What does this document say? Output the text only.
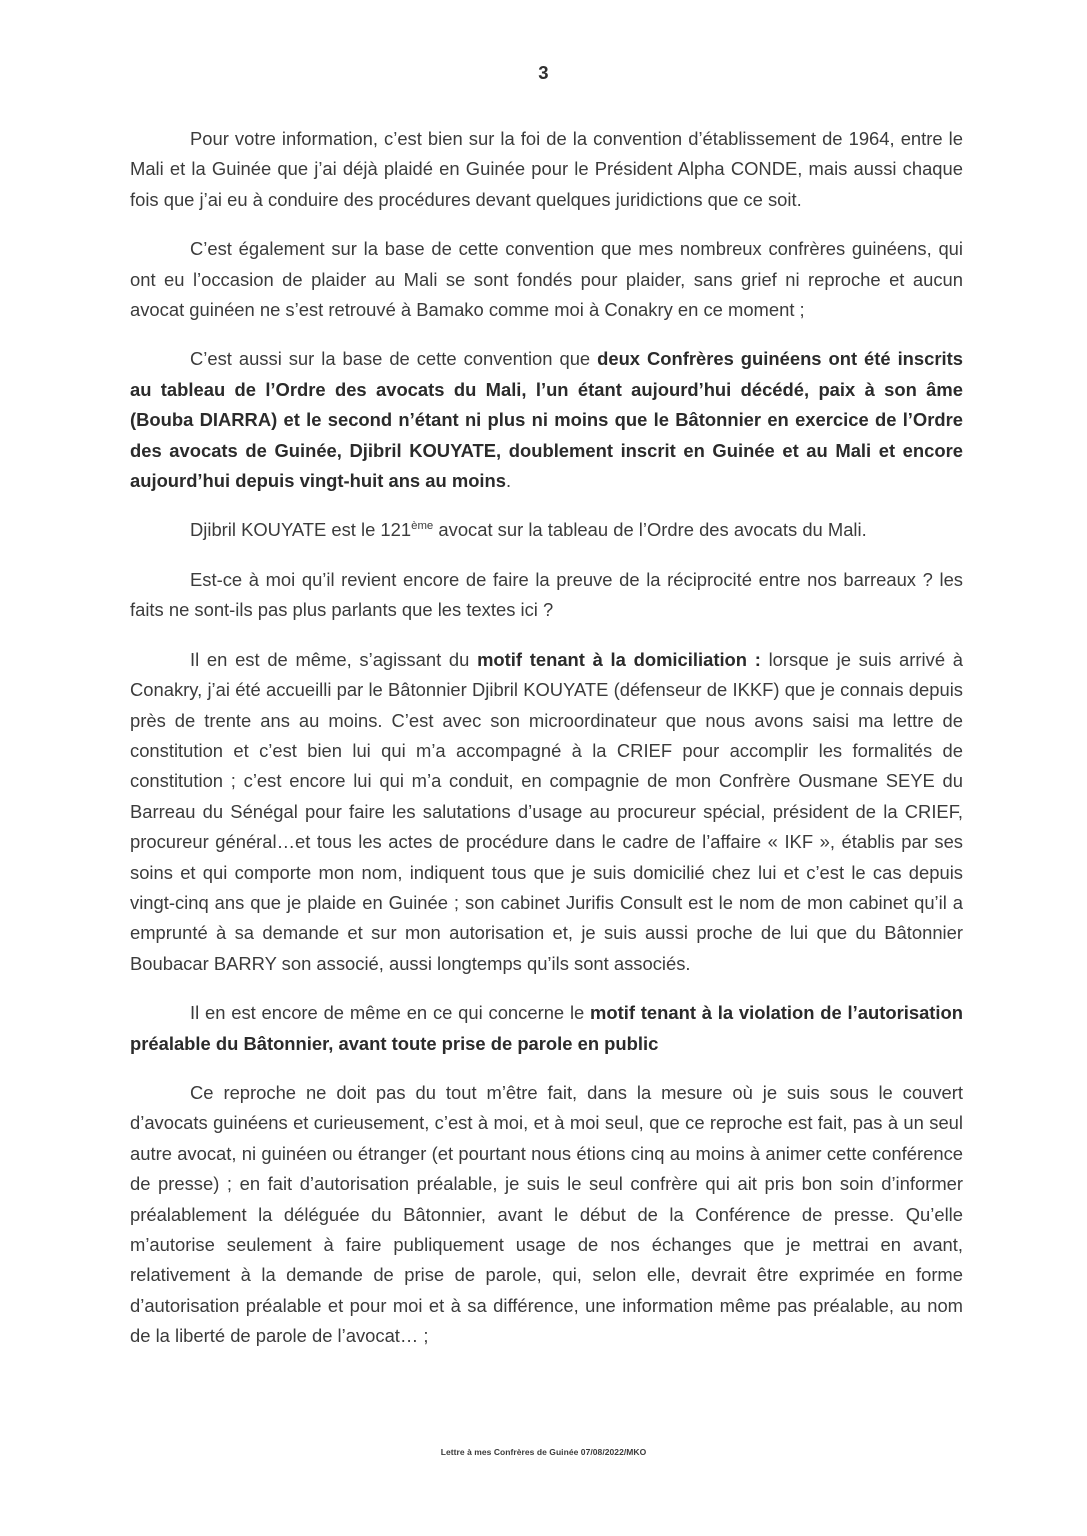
3

Pour votre information, c’est bien sur la foi de la convention d’établissement de 1964, entre le Mali et la Guinée que j’ai déjà plaidé en Guinée pour le Président Alpha CONDE, mais aussi chaque fois que j’ai eu à conduire des procédures devant quelques juridictions que ce soit.

C’est également sur la base de cette convention que mes nombreux confrères guinéens, qui ont eu l’occasion de plaider au Mali se sont fondés pour plaider, sans grief ni reproche et aucun avocat guinéen ne s’est retrouvé à Bamako comme moi à Conakry en ce moment ;

C’est aussi sur la base de cette convention que deux Confrères guinéens ont été inscrits au tableau de l’Ordre des avocats du Mali, l’un étant aujourd’hui décédé, paix à son âme (Bouba DIARRA) et le second n’étant ni plus ni moins que le Bâtonnier en exercice de l’Ordre des avocats de Guinée, Djibril KOUYATE, doublement inscrit en Guinée et au Mali et encore aujourd’hui depuis vingt-huit ans au moins.

Djibril KOUYATE est le 121ème avocat sur la tableau de l’Ordre des avocats du Mali.

Est-ce à moi qu’il revient encore de faire la preuve de la réciprocité entre nos barreaux ? les faits ne sont-ils pas plus parlants que les textes ici ?

Il en est de même, s’agissant du motif tenant à la domiciliation : lorsque je suis arrivé à Conakry, j’ai été accueilli par le Bâtonnier Djibril KOUYATE (défenseur de IKKF) que je connais depuis près de trente ans au moins. C’est avec son microordinateur que nous avons saisi ma lettre de constitution et c’est bien lui qui m’a accompagné à la CRIEF pour accomplir les formalités de constitution ; c’est encore lui qui m’a conduit, en compagnie de mon Confrère Ousmane SEYE du Barreau du Sénégal pour faire les salutations d’usage au procureur spécial, président de la CRIEF, procureur général…et tous les actes de procédure dans le cadre de l’affaire « IKF », établis par ses soins et qui comporte mon nom, indiquent tous que je suis domicilié chez lui et c’est le cas depuis vingt-cinq ans que je plaide en Guinée ; son cabinet Jurifis Consult est le nom de mon cabinet qu’il a emprunté à sa demande et sur mon autorisation et, je suis aussi proche de lui que du Bâtonnier Boubacar BARRY son associé, aussi longtemps qu’ils sont associés.

Il en est encore de même en ce qui concerne le motif tenant à la violation de l’autorisation préalable du Bâtonnier, avant toute prise de parole en public

Ce reproche ne doit pas du tout m’être fait, dans la mesure où je suis sous le couvert d’avocats guinéens et curieusement, c’est à moi, et à moi seul, que ce reproche est fait, pas à un seul autre avocat, ni guinéen ou étranger (et pourtant nous étions cinq au moins à animer cette conférence de presse) ; en fait d’autorisation préalable, je suis le seul confrère qui ait pris bon soin d’informer préalablement la déléguée du Bâtonnier, avant le début de la Conférence de presse. Qu’elle m’autorise seulement à faire publiquement usage de nos échanges que je mettrai en avant, relativement à la demande de prise de parole, qui, selon elle, devrait être exprimée en forme d’autorisation préalable et pour moi et à sa différence, une information même pas préalable, au nom de la liberté de parole de l’avocat… ;

Lettre à mes Confrères de Guinée 07/08/2022/MKO
